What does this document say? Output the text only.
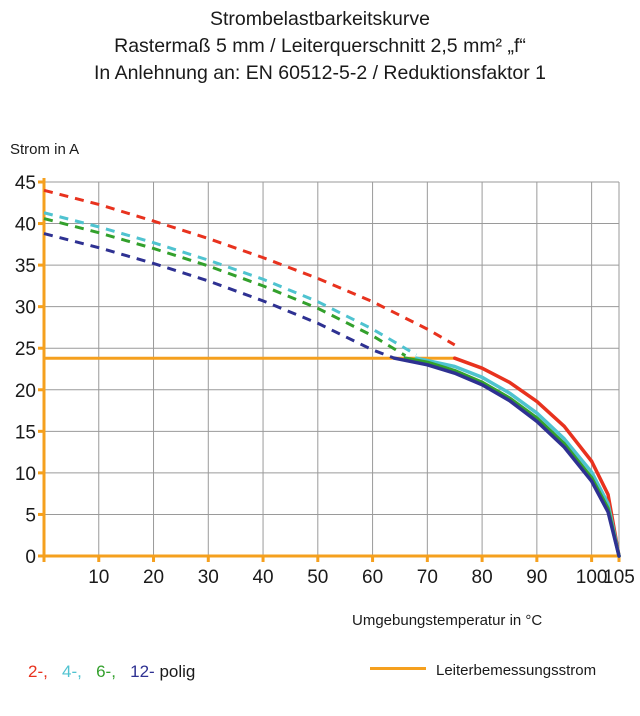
Strombelastbarkeitskurve
Rastermaß 5 mm / Leiterquerschnitt 2,5 mm² „f“
In Anlehnung an: EN 60512-5-2 / Reduktionsfaktor 1
Strom in A
Umgebungstemperatur in °C
0
5
10
15
20
25
30
35
40
45
10 20 30 40 50 60 70 80 90 100
105
2-, 4-, 6-, 12- polig	Leiterbemessungsstrom
